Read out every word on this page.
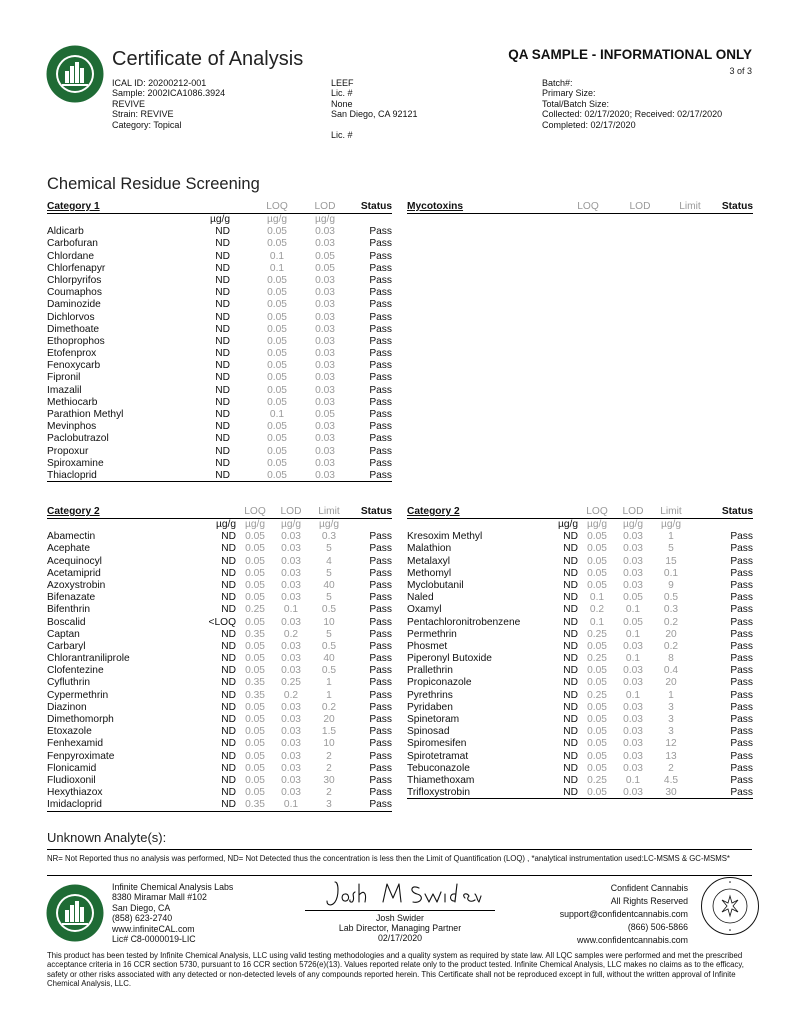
Certificate of Analysis	QA SAMPLE - INFORMATIONAL ONLY
3 of 3
ICAL ID: 20200212-001
Sample: 2002ICA1086.3924
REVIVE
Strain: REVIVE
Category: Topical
LEEF
Lic. #
None
San Diego, CA 92121

Lic. #
Batch#:
Primary Size:
Total/Batch Size:
Collected: 02/17/2020; Received: 02/17/2020
Completed: 02/17/2020
Chemical Residue Screening
Category 1	LOQ	LOD	Status
µg/g	µg/g	µg/g
Aldicarb	ND	0.05	0.03	Pass
Carbofuran	ND	0.05	0.03	Pass
Chlordane	ND	0.1	0.05	Pass
Chlorfenapyr	ND	0.1	0.05	Pass
Chlorpyrifos	ND	0.05	0.03	Pass
Coumaphos	ND	0.05	0.03	Pass
Daminozide	ND	0.05	0.03	Pass
Dichlorvos	ND	0.05	0.03	Pass
Dimethoate	ND	0.05	0.03	Pass
Ethoprophos	ND	0.05	0.03	Pass
Etofenprox	ND	0.05	0.03	Pass
Fenoxycarb	ND	0.05	0.03	Pass
Fipronil	ND	0.05	0.03	Pass
Imazalil	ND	0.05	0.03	Pass
Methiocarb	ND	0.05	0.03	Pass
Parathion Methyl	ND	0.1	0.05	Pass
Mevinphos	ND	0.05	0.03	Pass
Paclobutrazol	ND	0.05	0.03	Pass
Propoxur	ND	0.05	0.03	Pass
Spiroxamine	ND	0.05	0.03	Pass
Thiacloprid	ND	0.05	0.03	Pass
Mycotoxins	LOQ	LOD	Limit	Status
Category 2	LOQ	LOD	Limit	Status
µg/g µg/g	µg/g	µg/g
Abamectin	ND 0.05	0.03	0.3	Pass
Acephate	ND 0.05	0.03	5	Pass
Acequinocyl	ND 0.05	0.03	4	Pass
Acetamiprid	ND 0.05	0.03	5	Pass
Azoxystrobin	ND 0.05	0.03	40	Pass
Bifenazate	ND 0.05	0.03	5	Pass
Bifenthrin	ND 0.25	0.1	0.5	Pass
Boscalid	<LOQ 0.05	0.03	10	Pass
Captan	ND 0.35	0.2	5	Pass
Carbaryl	ND 0.05	0.03	0.5	Pass
Chlorantraniliprole	ND 0.05	0.03	40	Pass
Clofentezine	ND 0.05	0.03	0.5	Pass
Cyfluthrin	ND 0.35	0.25	1	Pass
Cypermethrin	ND 0.35	0.2	1	Pass
Diazinon	ND 0.05	0.03	0.2	Pass
Dimethomorph	ND 0.05	0.03	20	Pass
Etoxazole	ND 0.05	0.03	1.5	Pass
Fenhexamid	ND 0.05	0.03	10	Pass
Fenpyroximate	ND 0.05	0.03	2	Pass
Flonicamid	ND 0.05	0.03	2	Pass
Fludioxonil	ND 0.05	0.03	30	Pass
Hexythiazox	ND 0.05	0.03	2	Pass
Imidacloprid	ND 0.35	0.1	3	Pass
Category 2	LOQ	LOD	Limit	Status
µg/g µg/g	µg/g	µg/g
Kresoxim Methyl	ND 0.05	0.03	1	Pass
Malathion	ND 0.05	0.03	5	Pass
Metalaxyl	ND 0.05	0.03	15	Pass
Methomyl	ND 0.05	0.03	0.1	Pass
Myclobutanil	ND 0.05	0.03	9	Pass
Naled	ND	0.1	0.05	0.5	Pass
Oxamyl	ND	0.2	0.1	0.3	Pass
Pentachloronitrobenzene	ND	0.1	0.05	0.2	Pass
Permethrin	ND 0.25	0.1	20	Pass
Phosmet	ND 0.05	0.03	0.2	Pass
Piperonyl Butoxide	ND 0.25	0.1	8	Pass
Prallethrin	ND 0.05	0.03	0.4	Pass
Propiconazole	ND 0.05	0.03	20	Pass
Pyrethrins	ND 0.25	0.1	1	Pass
Pyridaben	ND 0.05	0.03	3	Pass
Spinetoram	ND 0.05	0.03	3	Pass
Spinosad	ND 0.05	0.03	3	Pass
Spiromesifen	ND 0.05	0.03	12	Pass
Spirotetramat	ND 0.05	0.03	13	Pass
Tebuconazole	ND 0.05	0.03	2	Pass
Thiamethoxam	ND 0.25	0.1	4.5	Pass
Trifloxystrobin	ND 0.05	0.03	30	Pass
Unknown Analyte(s):
NR= Not Reported thus no analysis was performed, ND= Not Detected thus the concentration is less then the Limit of Quantification (LOQ) , *analytical instrumentation used:LC-MSMS & GC-MSMS*
Infinite Chemical Analysis Labs
8380 Miramar Mall #102
San Diego, CA
(858) 623-2740
www.infiniteCAL.com
Lic# C8-0000019-LIC
Josh Swider
Lab Director, Managing Partner
02/17/2020
Confident Cannabis
All Rights Reserved
support@confidentcannabis.com
(866) 506-5866
www.confidentcannabis.com
This product has been tested by Infinite Chemical Analysis, LLC using valid testing methodologies and a quality system as required by state law. All LQC samples were performed and met the prescribed acceptance criteria in 16 CCR section 5730, pursuant to 16 CCR section 5726(e)(13). Values reported relate only to the product tested. Infinite Chemical Analysis, LLC makes no claims as to the efficacy, safety or other risks associated with any detected or non-detected levels of any compounds reported herein. This Certificate shall not be reproduced except in full, without the written approval of Infinite Chemical Analysis, LLC.
